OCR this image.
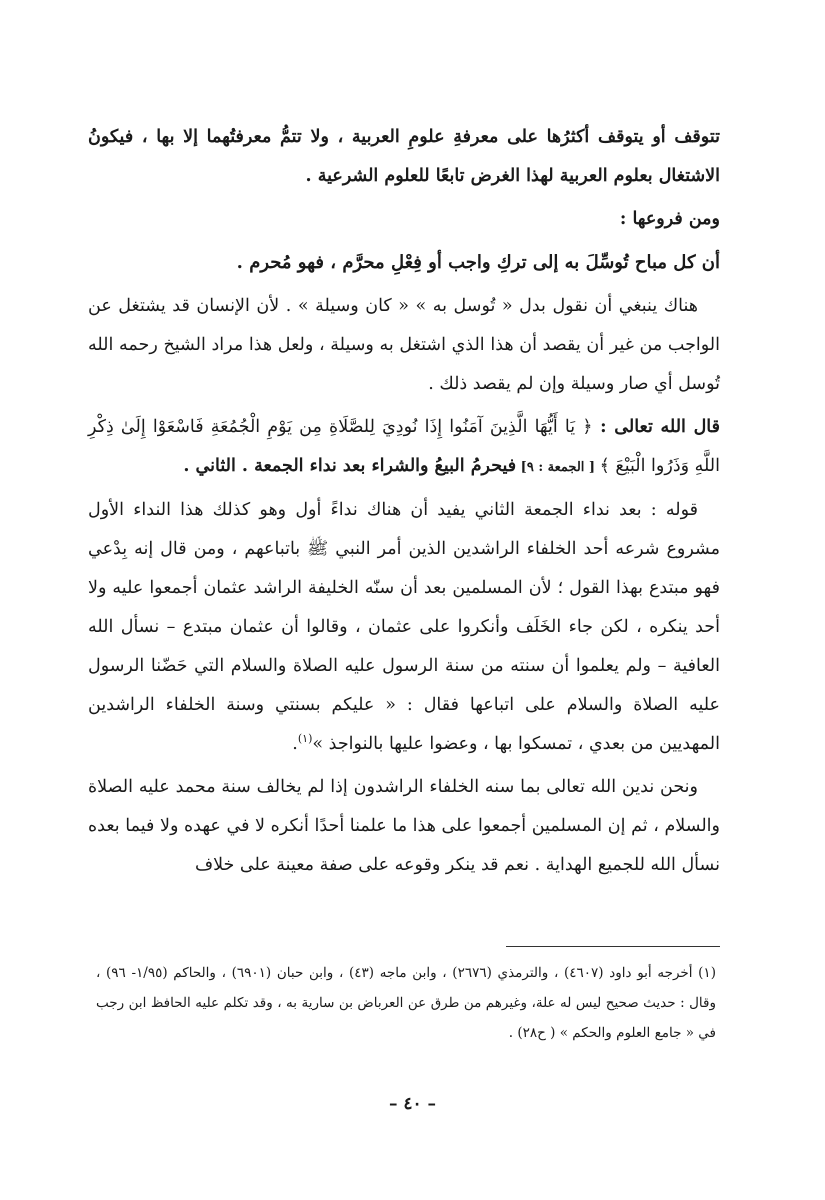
تتوقف أو يتوقف أكثرُها على معرفةِ علومِ العربية ، ولا تتمُّ معرفتُهما إلا بها ، فيكونُ الاشتغال بعلوم العربية لهذا الغرض تابعًا للعلوم الشرعية .

ومن فروعها :

أن كل مباح تُوسِّلَ به إلى تركِ واجب أو فِعْلِ محرَّم ، فهو مُحرم .

هناك ينبغي أن نقول بدل « تُوسل به » « كان وسيلة » . لأن الإنسان قد يشتغل عن الواجب من غير أن يقصد أن هذا الذي اشتغل به وسيلة ، ولعل هذا مراد الشيخ رحمه الله تُوسل أي صار وسيلة وإن لم يقصد ذلك .

قال الله تعالى : ﴿ يَا أَيُّهَا الَّذِينَ آمَنُوا إِذَا نُودِيَ لِلصَّلَاةِ مِن يَوْمِ الْجُمُعَةِ فَاسْعَوْا إِلَىٰ ذِكْرِ اللَّهِ وَذَرُوا الْبَيْعَ ﴾ [ الجمعة : ٩] فيحرمُ البيعُ والشراء بعد نداء الجمعة . الثاني .

قوله : بعد نداء الجمعة الثاني يفيد أن هناك نداءً أول وهو كذلك هذا النداء الأول مشروع شرعه أحد الخلفاء الراشدين الذين أمر النبي ﷺ باتباعهم ، ومن قال إنه بِدْعي فهو مبتدع بهذا القول ؛ لأن المسلمين بعد أن سنّه الخليفة الراشد عثمان أجمعوا عليه ولا أحد ينكره ، لكن جاء الخَلَف وأنكروا على عثمان ، وقالوا أن عثمان مبتدع – نسأل الله العافية – ولم يعلموا أن سنته من سنة الرسول عليه الصلاة والسلام التي حَضّنا الرسول عليه الصلاة والسلام على اتباعها فقال : « عليكم بسنتي وسنة الخلفاء الراشدين المهديين من بعدي ، تمسكوا بها ، وعضوا عليها بالنواجذ »$^{(١)}$.

ونحن ندين الله تعالى بما سنه الخلفاء الراشدون إذا لم يخالف سنة محمد عليه الصلاة والسلام ، ثم إن المسلمين أجمعوا على هذا ما علمنا أحدًا أنكره لا في عهده ولا فيما بعده نسأل الله للجميع الهداية . نعم قد ينكر وقوعه على صفة معينة على خلاف

(١) أخرجه أبو داود (٤٦٠٧) ، والترمذي (٢٦٧٦) ، وابن ماجه (٤٣) ، وابن حبان (٦٩٠١) ، والحاكم (١/٩٥- ٩٦) ، وقال : حديث صحيح ليس له علة، وغيرهم من طرق عن العرباض بن سارية به ، وقد تكلم عليه الحافظ ابن رجب في « جامع العلوم والحكم » ( ح٢٨) .
– ٤٠ –
